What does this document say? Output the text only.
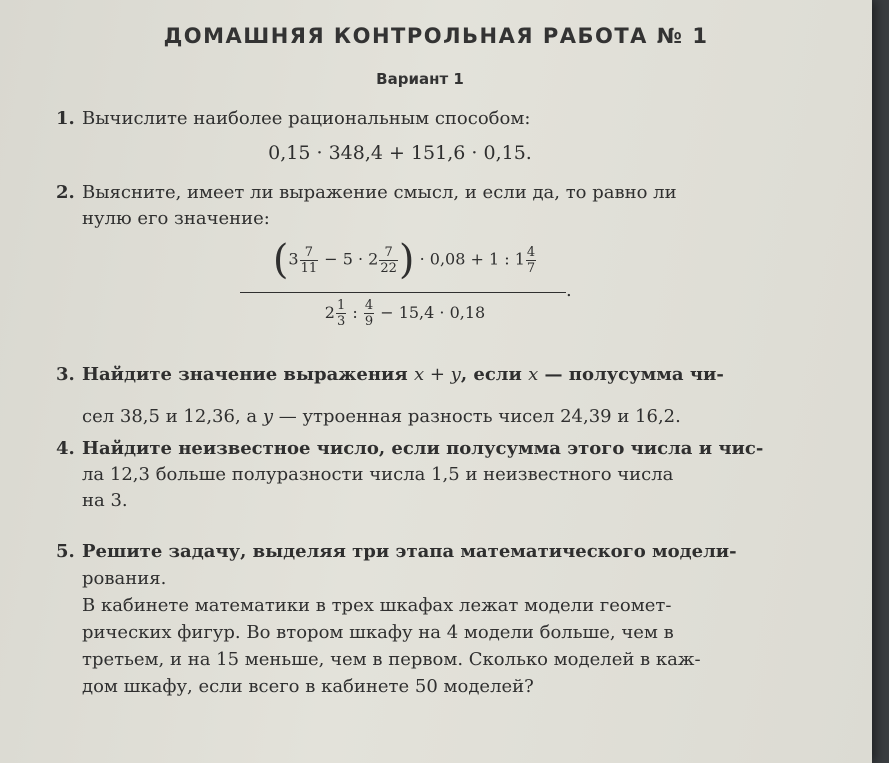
ДОМАШНЯЯ КОНТРОЛЬНАЯ РАБОТА № 1
Вариант 1
1. Вычислите наиболее рациональным способом:
0,15 · 348,4 + 151,6 · 0,15.
2. Выясните, имеет ли выражение смысл, и если да, то равно ли
нулю его значение:
($3 \frac{7}{11} - 5 \cdot 2 \frac{7}{22}$ ) · 0,08 + 1 : $1 \frac{4}{7}$
.
$2 \frac{1}{3}$ : $\frac{4}{9} - 15,4 \cdot 0,18$
3. Найдите значение выражения x + y, если x — полусумма чи-
сел 38,5 и 12,36, а y — утроенная разность чисел 24,39 и 16,2.
4. Найдите неизвестное число, если полусумма этого числа и чис-
ла 12,3 больше полуразности числа 1,5 и неизвестного числа
на 3.
5. Решите задачу, выделяя три этапа математического модели-
рования.
В кабинете математики в трех шкафах лежат модели геомет-
рических фигур. Во втором шкафу на 4 модели больше, чем в
третьем, и на 15 меньше, чем в первом. Сколько моделей в каж-
дом шкафу, если всего в кабинете 50 моделей?
